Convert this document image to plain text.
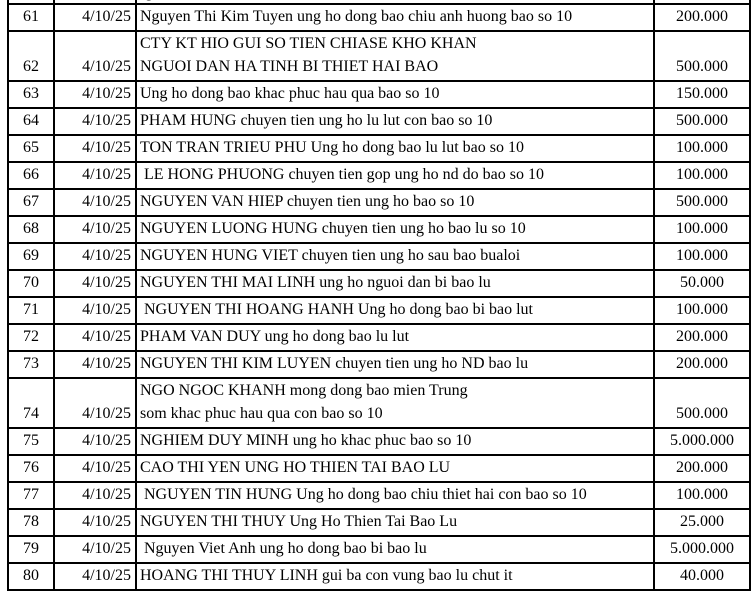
61	4/10/25	Nguyen Thi Kim Tuyen ung ho dong bao chiu anh huong bao so 10	200.000
62	4/10/25	CTY KT HIO GUI SO TIEN CHIASE KHO KHAN
NGUOI DAN HA TINH BI THIET HAI BAO	500.000
63	4/10/25	Ung ho dong bao khac phuc hau qua bao so 10	150.000
64	4/10/25	PHAM HUNG chuyen tien ung ho lu lut con bao so 10	500.000
65	4/10/25	TON TRAN TRIEU PHU Ung ho dong bao lu lut bao so 10	100.000
66	4/10/25	LE HONG PHUONG chuyen tien gop ung ho nd do bao so 10	100.000
67	4/10/25	NGUYEN VAN HIEP chuyen tien ung ho bao so 10	500.000
68	4/10/25	NGUYEN LUONG HUNG chuyen tien ung ho bao lu so 10	100.000
69	4/10/25	NGUYEN HUNG VIET chuyen tien ung ho sau bao bualoi	100.000
70	4/10/25	NGUYEN THI MAI LINH ung ho nguoi dan bi bao lu	50.000
71	4/10/25	NGUYEN THI HOANG HANH Ung ho dong bao bi bao lut	100.000
72	4/10/25	PHAM VAN DUY ung ho dong bao lu lut	200.000
73	4/10/25	NGUYEN THI KIM LUYEN chuyen tien ung ho ND bao lu	200.000
74	4/10/25	NGO NGOC KHANH mong dong bao mien Trung
som khac phuc hau qua con bao so 10	500.000
75	4/10/25	NGHIEM DUY MINH ung ho khac phuc bao so 10	5.000.000
76	4/10/25	CAO THI YEN UNG HO THIEN TAI BAO LU	200.000
77	4/10/25	NGUYEN TIN HUNG Ung ho dong bao chiu thiet hai con bao so 10	100.000
78	4/10/25	NGUYEN THI THUY Ung Ho Thien Tai Bao Lu	25.000
79	4/10/25	Nguyen Viet Anh ung ho dong bao bi bao lu	5.000.000
80	4/10/25	HOANG THI THUY LINH gui ba con vung bao lu chut it	40.000
